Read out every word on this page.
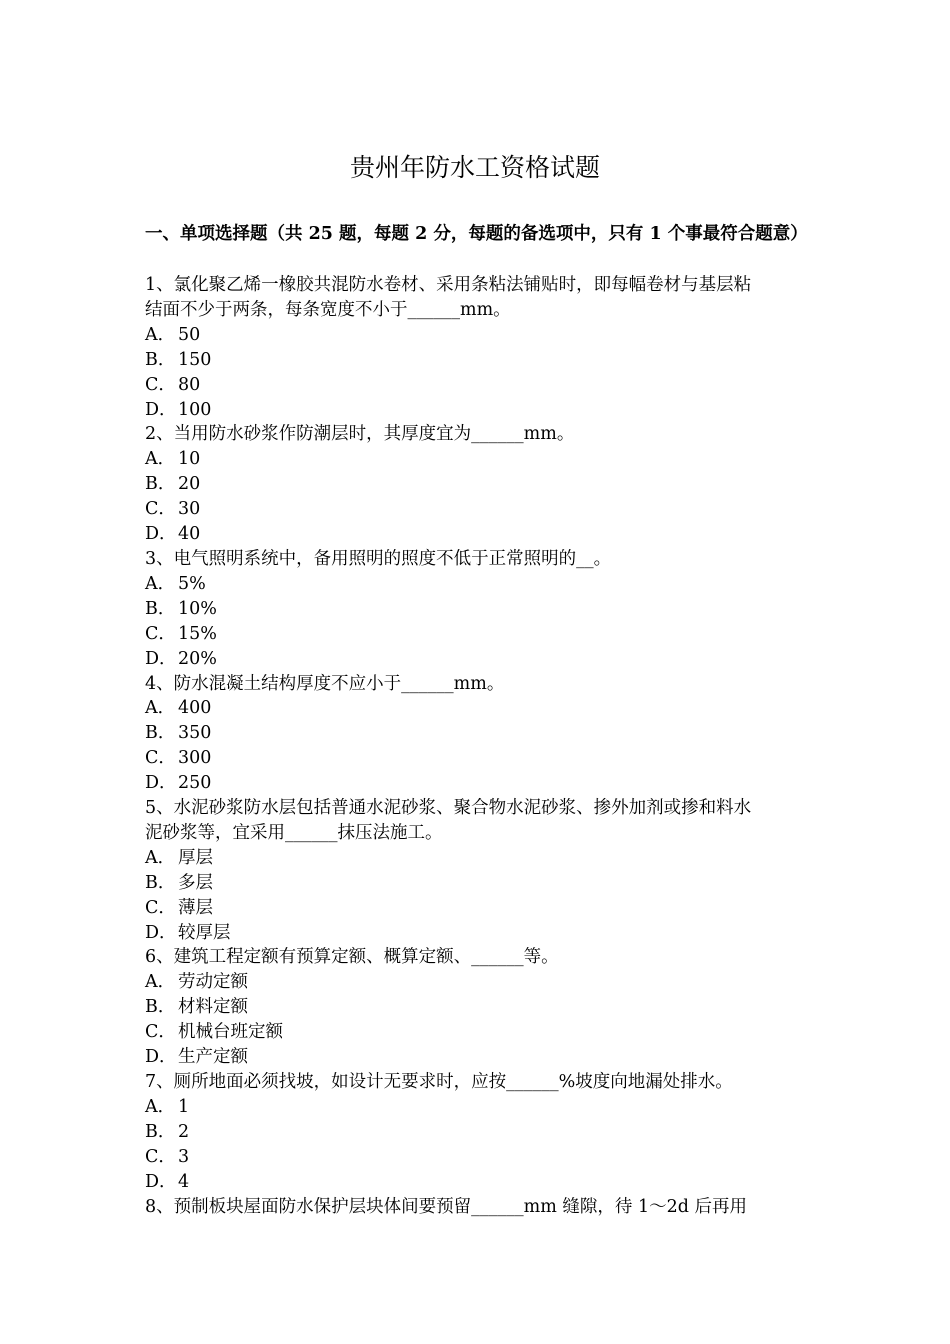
贵州年防水工资格试题

一、单项选择题（共 25 题，每题 2 分，每题的备选项中，只有 1 个事最符合题意）

1、氯化聚乙烯一橡胶共混防水卷材、采用条粘法铺贴时，即每幅卷材与基层粘

结面不少于两条，每条宽度不小于______mm。

A． 50

B． 150

C． 80

D．100

2、当用防水砂浆作防潮层时，其厚度宜为______mm。

A． 10

B． 20

C． 30

D．40

3、电气照明系统中，备用照明的照度不低于正常照明的__。

A． 5%

B． 10%

C． 15%

D．20%

4、防水混凝土结构厚度不应小于______mm。

A． 400

B． 350

C． 300

D．250

5、水泥砂浆防水层包括普通水泥砂浆、聚合物水泥砂浆、掺外加剂或掺和料水

泥砂浆等，宜采用______抹压法施工。

A． 厚层

B． 多层

C． 薄层

D．较厚层

6、建筑工程定额有预算定额、概算定额、______等。

A． 劳动定额

B． 材料定额

C． 机械台班定额

D．生产定额

7、厕所地面必须找坡，如设计无要求时，应按______%坡度向地漏处排水。

A． 1

B． 2

C． 3

D．4

8、预制板块屋面防水保护层块体间要预留______mm 缝隙，待 1～2d 后再用
